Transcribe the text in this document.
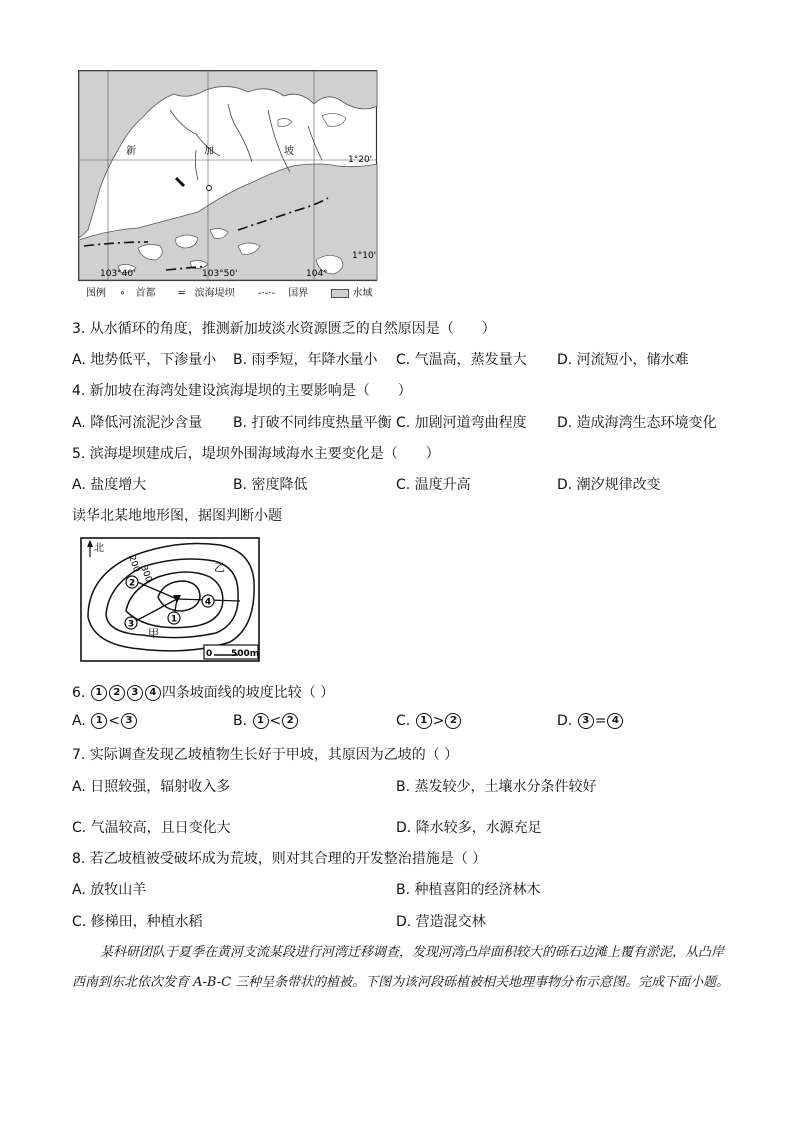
新	加	坡
1°20'
1°10'
103°40'	103°50'	104°
图例 ∘ 首都 ═ 滨海堤坝 -·-·- 国界	水域
3. 从水循环的角度，推测新加坡淡水资源匮乏的自然原因是（　　）
A. 地势低平，下渗量小 B. 雨季短，年降水量小 C. 气温高，蒸发量大 D. 河流短小，储水难
4. 新加坡在海湾处建设滨海堤坝的主要影响是（　　）
A. 降低河流泥沙含量 B. 打破不同纬度热量平衡 C. 加剧河道弯曲程度 D. 造成海湾生态环境变化
5. 滨海堤坝建成后，堤坝外围海域海水主要变化是（　　）
A. 盐度增大	B. 密度降低	C. 温度升高	D. 潮汐规律改变
读华北某地地形图，据图判断小题
北
200
300
2
3	1
4
乙
甲
0 500m
6. 1 2 3 4 四条坡面线的坡度比较（ ）
A. 1 < 3	B. 1 < 2	C. 1 > 2	D. 3 = 4
7. 实际调查发现乙坡植物生长好于甲坡，其原因为乙坡的（ ）
A. 日照较强，辐射收入多	B. 蒸发较少，土壤水分条件较好
C. 气温较高，且日变化大	D. 降水较多，水源充足
8. 若乙坡植被受破坏成为荒坡，则对其合理的开发整治措施是（ ）
A. 放牧山羊	B. 种植喜阳的经济林木
C. 修梯田，种植水稻	D. 营造混交林
某科研团队于夏季在黄河支流某段进行河湾迁移调查，发现河湾凸岸面积较大的砾石边滩上覆有淤泥，从凸岸西南到东北依次发育 A-B-C 三种呈条带状的植被。下图为该河段砾植被相关地理事物分布示意图。完成下面小题。
